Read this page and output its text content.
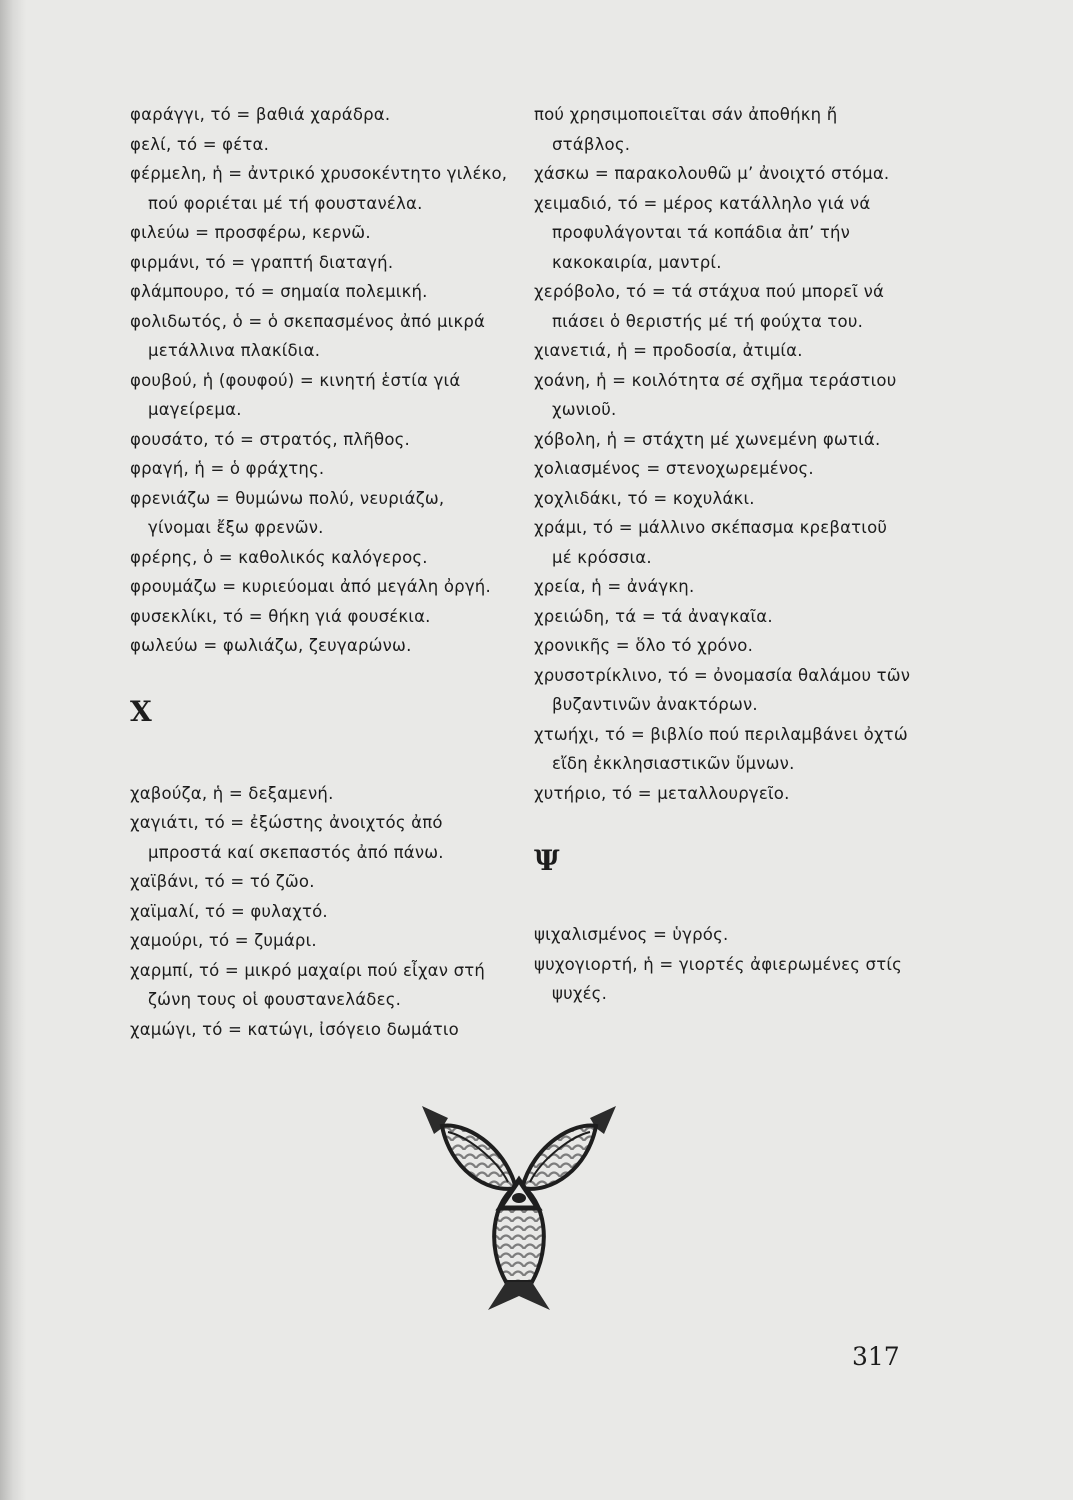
φαράγγι, τό = βαθιά χαράδρα.

φελί, τό = φέτα.

φέρμελη, ἡ = ἀντρικό χρυσοκέντητο γιλέκο, πού φοριέται μέ τή φουστανέλα.

φιλεύω = προσφέρω, κερνῶ.

φιρμάνι, τό = γραπτή διαταγή.

φλάμπουρο, τό = σημαία πολεμική.

φολιδωτός, ὁ = ὁ σκεπασμένος ἀπό μικρά μετάλλινα πλακίδια.

φουβού, ἡ (φουφού) = κινητή ἑστία γιά μαγείρεμα.

φουσάτο, τό = στρατός, πλῆθος.

φραγή, ἡ = ὁ φράχτης.

φρενιάζω = θυμώνω πολύ, νευριάζω, γίνομαι ἔξω φρενῶν.

φρέρης, ὁ = καθολικός καλόγερος.

φρουμάζω = κυριεύομαι ἀπό μεγάλη ὀργή.

φυσεκλίκι, τό = θήκη γιά φουσέκια.

φωλεύω = φωλιάζω, ζευγαρώνω.

Χ

χαβούζα, ἡ = δεξαμενή.

χαγιάτι, τό = ἐξώστης ἀνοιχτός ἀπό μπροστά καί σκεπαστός ἀπό πάνω.

χαϊβάνι, τό = τό ζῶο.

χαϊμαλί, τό = φυλαχτό.

χαμούρι, τό = ζυμάρι.

χαρμπί, τό = μικρό μαχαίρι πού εἶχαν στή ζώνη τους οἱ φουστανελάδες.

χαμώγι, τό = κατώγι, ἰσόγειο δωμάτιο

πού χρησιμοποιεῖται σάν ἀποθήκη ἤ στάβλος.

χάσκω = παρακολουθῶ μ’ ἀνοιχτό στόμα.

χειμαδιό, τό = μέρος κατάλληλο γιά νά προφυλάγονται τά κοπάδια ἀπ’ τήν κακοκαιρία, μαντρί.

χερόβολο, τό = τά στάχυα πού μπορεῖ νά πιάσει ὁ θεριστής μέ τή φούχτα του.

χιανετιά, ἡ = προδοσία, ἀτιμία.

χοάνη, ἡ = κοιλότητα σέ σχῆμα τεράστιου χωνιοῦ.

χόβολη, ἡ = στάχτη μέ χωνεμένη φωτιά.

χολιασμένος = στενοχωρεμένος.

χοχλιδάκι, τό = κοχυλάκι.

χράμι, τό = μάλλινο σκέπασμα κρεβατιοῦ μέ κρόσσια.

χρεία, ἡ = ἀνάγκη.

χρειώδη, τά = τά ἀναγκαῖα.

χρονικῆς = ὅλο τό χρόνο.

χρυσοτρίκλινο, τό = ὀνομασία θαλάμου τῶν βυζαντινῶν ἀνακτόρων.

χτωήχι, τό = βιβλίο πού περιλαμβάνει ὀχτώ εἴδη ἐκκλησιαστικῶν ὕμνων.

χυτήριο, τό = μεταλλουργεῖο.

Ψ

ψιχαλισμένος = ὑγρός.

ψυχογιορτή, ἡ = γιορτές ἀφιερωμένες στίς ψυχές.

317
